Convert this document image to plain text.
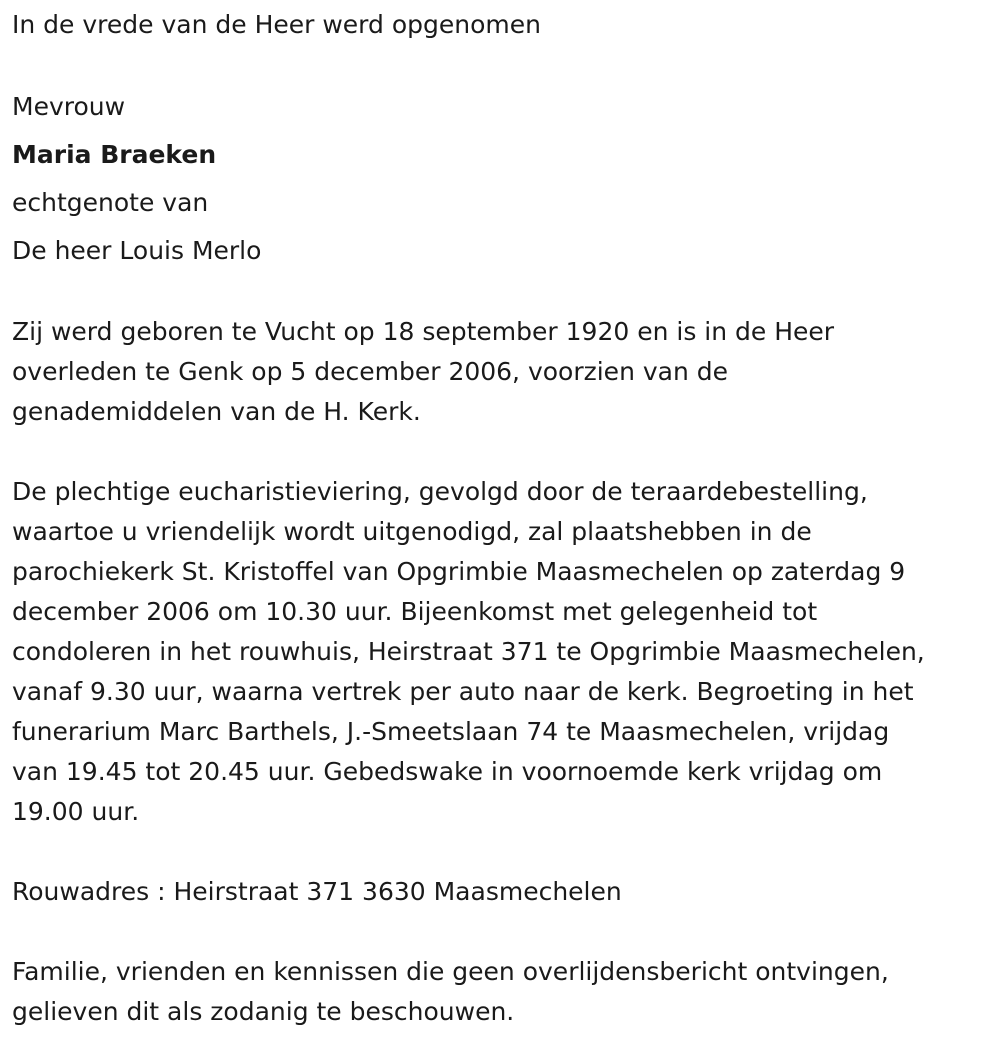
In de vrede van de Heer werd opgenomen
Mevrouw
Maria Braeken
echtgenote van
De heer Louis Merlo
Zij werd geboren te Vucht op 18 september 1920 en is in de Heer
overleden te Genk op 5 december 2006, voorzien van de
genademiddelen van de H. Kerk.
De plechtige eucharistieviering, gevolgd door de teraardebestelling,
waartoe u vriendelijk wordt uitgenodigd, zal plaatshebben in de
parochiekerk St. Kristoffel van Opgrimbie Maasmechelen op zaterdag 9
december 2006 om 10.30 uur. Bijeenkomst met gelegenheid tot
condoleren in het rouwhuis, Heirstraat 371 te Opgrimbie Maasmechelen,
vanaf 9.30 uur, waarna vertrek per auto naar de kerk. Begroeting in het
funerarium Marc Barthels, J.-Smeetslaan 74 te Maasmechelen, vrijdag
van 19.45 tot 20.45 uur. Gebedswake in voornoemde kerk vrijdag om
19.00 uur.
Rouwadres : Heirstraat 371 3630 Maasmechelen
Familie, vrienden en kennissen die geen overlijdensbericht ontvingen,
gelieven dit als zodanig te beschouwen.
